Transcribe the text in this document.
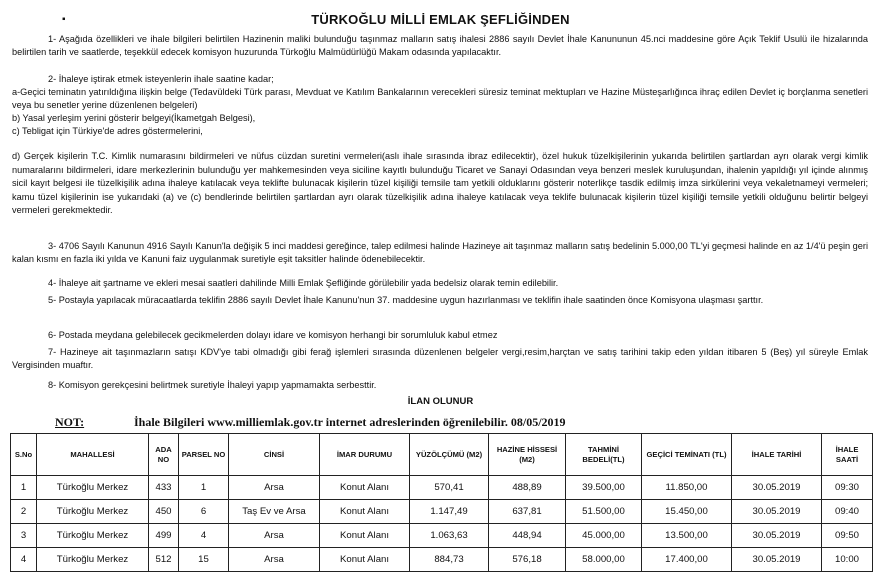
▪	TÜRKOĞLU MİLLİ EMLAK ŞEFLİĞİNDEN
1- Aşağıda özellikleri ve ihale bilgileri belirtilen Hazinenin maliki bulunduğu taşınmaz malların satış ihalesi 2886 sayılı Devlet İhale Kanununun 45.nci maddesine göre Açık Teklif Usulü ile hizalarında belirtilen tarih ve saatlerde, teşekkül edecek komisyon huzurunda Türkoğlu Malmüdürlüğü Makam odasında yapılacaktır.
2- İhaleye iştirak etmek isteyenlerin ihale saatine kadar;
a-Geçici teminatın yatırıldığına ilişkin belge (Tedavüldeki Türk parası, Mevduat ve Katılım Bankalarının verecekleri süresiz teminat mektupları ve Hazine Müsteşarlığınca ihraç edilen Devlet iç borçlanma senetleri veya bu senetler yerine düzenlenen belgeleri)
b) Yasal yerleşim yerini gösterir belgeyi(İkametgah Belgesi),
c) Tebligat için Türkiye'de adres göstermelerini,
d) Gerçek kişilerin T.C. Kimlik numarasını bildirmeleri ve nüfus cüzdan suretini vermeleri(aslı ihale sırasında ibraz edilecektir), özel hukuk tüzelkişilerinin yukarıda belirtilen şartlardan ayrı olarak vergi kimlik numaralarını bildirmeleri, idare merkezlerinin bulunduğu yer mahkemesinden veya siciline kayıtlı bulunduğu Ticaret ve Sanayi Odasından veya benzeri meslek kuruluşundan, ihalenin yapıldığı yıl içinde alınmış sicil kayıt belgesi ile tüzelkişilik adına ihaleye katılacak veya teklifte bulunacak kişilerin tüzel kişiliği temsile tam yetkili olduklarını gösterir noterlikçe tasdik edilmiş imza sirkülerini veya vekaletnameyi vermeleri; kamu tüzel kişilerinin ise yukarıdaki (a) ve (c) bendlerinde belirtilen şartlardan ayrı olarak tüzelkişilik adına ihaleye katılacak veya teklife bulunacak kişilerin tüzel kişiliği temsile yetkili olduğunu belirtir belgeyi vermeleri gerekmektedir.
3- 4706 Sayılı Kanunun 4916 Sayılı Kanun'la değişik 5 inci maddesi gereğince, talep edilmesi halinde Hazineye ait taşınmaz malların satış bedelinin 5.000,00 TL'yi geçmesi halinde en az 1/4'ü peşin geri kalan kısmı en fazla iki yılda ve Kanuni faiz uygulanmak suretiyle eşit taksitler halinde ödenebilecektir.
4- İhaleye ait şartname ve ekleri mesai saatleri dahilinde Milli Emlak Şefliğinde görülebilir yada bedelsiz olarak temin edilebilir.
5- Postayla yapılacak müracaatlarda teklifin 2886 sayılı Devlet İhale Kanunu'nun 37. maddesine uygun hazırlanması ve teklifin ihale saatinden önce Komisyona ulaşması şarttır.
6- Postada meydana gelebilecek gecikmelerden dolayı idare ve komisyon herhangi bir sorumluluk kabul etmez
7- Hazineye ait taşınmazların satışı KDV'ye tabi olmadığı gibi ferağ işlemleri sırasında düzenlenen belgeler vergi,resim,harçtan ve satış tarihini takip eden yıldan itibaren 5 (Beş) yıl süreyle Emlak Vergisinden muaftır.
8- Komisyon gerekçesini belirtmek suretiyle İhaleyi yapıp yapmamakta serbesttir.
İLAN OLUNUR
NOT:	İhale Bilgileri www.milliemlak.gov.tr internet adreslerinden öğrenilebilir. 08/05/2019
S.No	MAHALLESİ	ADA NO	PARSEL NO	CİNSİ	İMAR DURUMU	YÜZÖLÇÜMÜ (M2)	HAZİNE HİSSESİ (M2)	TAHMİNİ BEDELİ(TL)	GEÇİCİ TEMİNATI (TL)	İHALE TARİHİ	İHALE SAATİ
1	Türkoğlu Merkez	433	1	Arsa	Konut Alanı	570,41	488,89	39.500,00	11.850,00	30.05.2019	09:30
2	Türkoğlu Merkez	450	6	Taş Ev ve Arsa	Konut Alanı	1.147,49	637,81	51.500,00	15.450,00	30.05.2019	09:40
3	Türkoğlu Merkez	499	4	Arsa	Konut Alanı	1.063,63	448,94	45.000,00	13.500,00	30.05.2019	09:50
4	Türkoğlu Merkez	512	15	Arsa	Konut Alanı	884,73	576,18	58.000,00	17.400,00	30.05.2019	10:00
